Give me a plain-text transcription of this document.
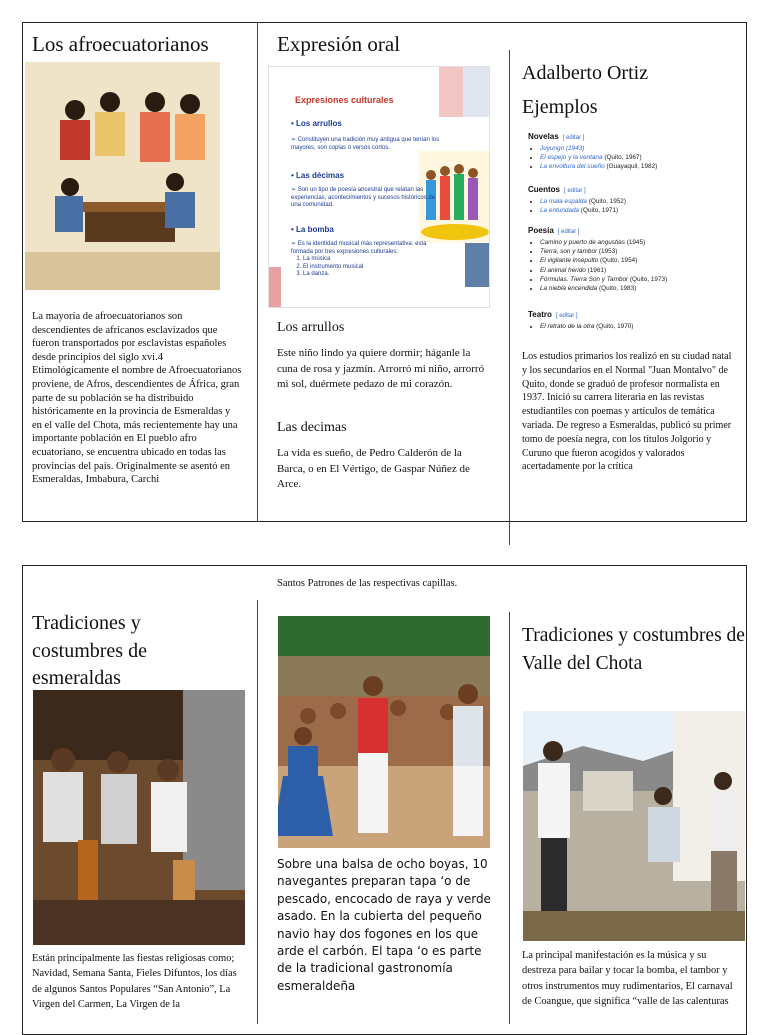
Los afroecuatorianos
La mayoría de afroecuatorianos son descendientes de africanos esclavizados que fueron transportados por esclavistas españoles desde principios del siglo xvi.4 Etimológicamente el nombre de Afroecuatorianos proviene, de Afros, descendientes de África, gran parte de su población se ha distribuido históricamente en la provincia de Esmeraldas y en el valle del Chota, más recientemente hay una importante población en El pueblo afro ecuatoriano, se encuentra ubicado en todas las provincias del país. Originalmente se asentó en Esmeraldas, Imbabura, Carchi
Expresión oral
Expresiones culturales
• Los arrullos
➢ Constituyen una tradición muy antigua que tenían los mayores, son coplas o versos cortos.
• Las décimas
➢ Son un tipo de poesía ancestral que relatan las experiencias, acontecimientos y sucesos históricos de una comunidad.
• La bomba
➢ Es la identidad musical más representativa: esta formada por tres expresiones culturales:
1. La música
2. El instrumento musical
3. La danza.
Los arrullos
Este niño lindo ya quiere dormir; háganle la cuna de rosa y jazmín. Arrorró mi niño, arrorró mi sol, duérmete pedazo de mi corazón.
Las decimas
La vida es sueño, de Pedro Calderón de la Barca, o en El Vértigo, de Gaspar Núñez de Arce.
Adalberto Ortiz
Ejemplos
Novelas [ editar ]
• Juyungo (1943)
• El espejo y la ventana (Quito, 1967)
• La envoltura del sueño (Guayaquil, 1982)
Cuentos [ editar ]
• La mala espalda (Quito, 1952)
• La entundada (Quito, 1971)
Poesía [ editar ]
• Camino y puerto de angustias (1945)
• Tierra, son y tambor (1953)
• El vigilante insepulto (Quito, 1954)
• El animal herido (1961)
• Fórmulas. Tierra Son y Tambor (Quito, 1973)
• La niebla encendida (Quito, 1983)
Teatro [ editar ]
• El retrato de la otra (Quito, 1970)
Los estudios primarios los realizó en su ciudad natal y los secundarios en el Normal "Juan Montalvo" de Quito, donde se graduó de profesor normalista en 1937. Inició su carrera literaria en las revistas estudiantiles con poemas y artículos de temática variada. De regreso a Esmeraldas, publicó su primer tomo de poesía negra, con los títulos Jolgorio y Curuno que fueron acogidos y valorados acertadamente por la crítica
Tradiciones y costumbres de esmeraldas
Están principalmente las fiestas religiosas como; Navidad, Semana Santa, Fieles Difuntos, los días de algunos Santos Populares “San Antonio”, La Virgen del Carmen, La Virgen de la
Santos Patrones de las respectivas capillas.
Sobre una balsa de ocho boyas, 10 navegantes preparan tapa ‘o de pescado, encocado de raya y verde asado. En la cubierta del pequeño navio hay dos fogones en los que arde el carbón. El tapa ‘o es parte de la tradicional gastronomía esmeraldeña
Tradiciones y costumbres de Valle del Chota
La principal manifestación es la música y su destreza para bailar y tocar la bomba, el tambor y otros instrumentos muy rudimentarios, El carnaval de Coangue, que significa “valle de las calenturas
